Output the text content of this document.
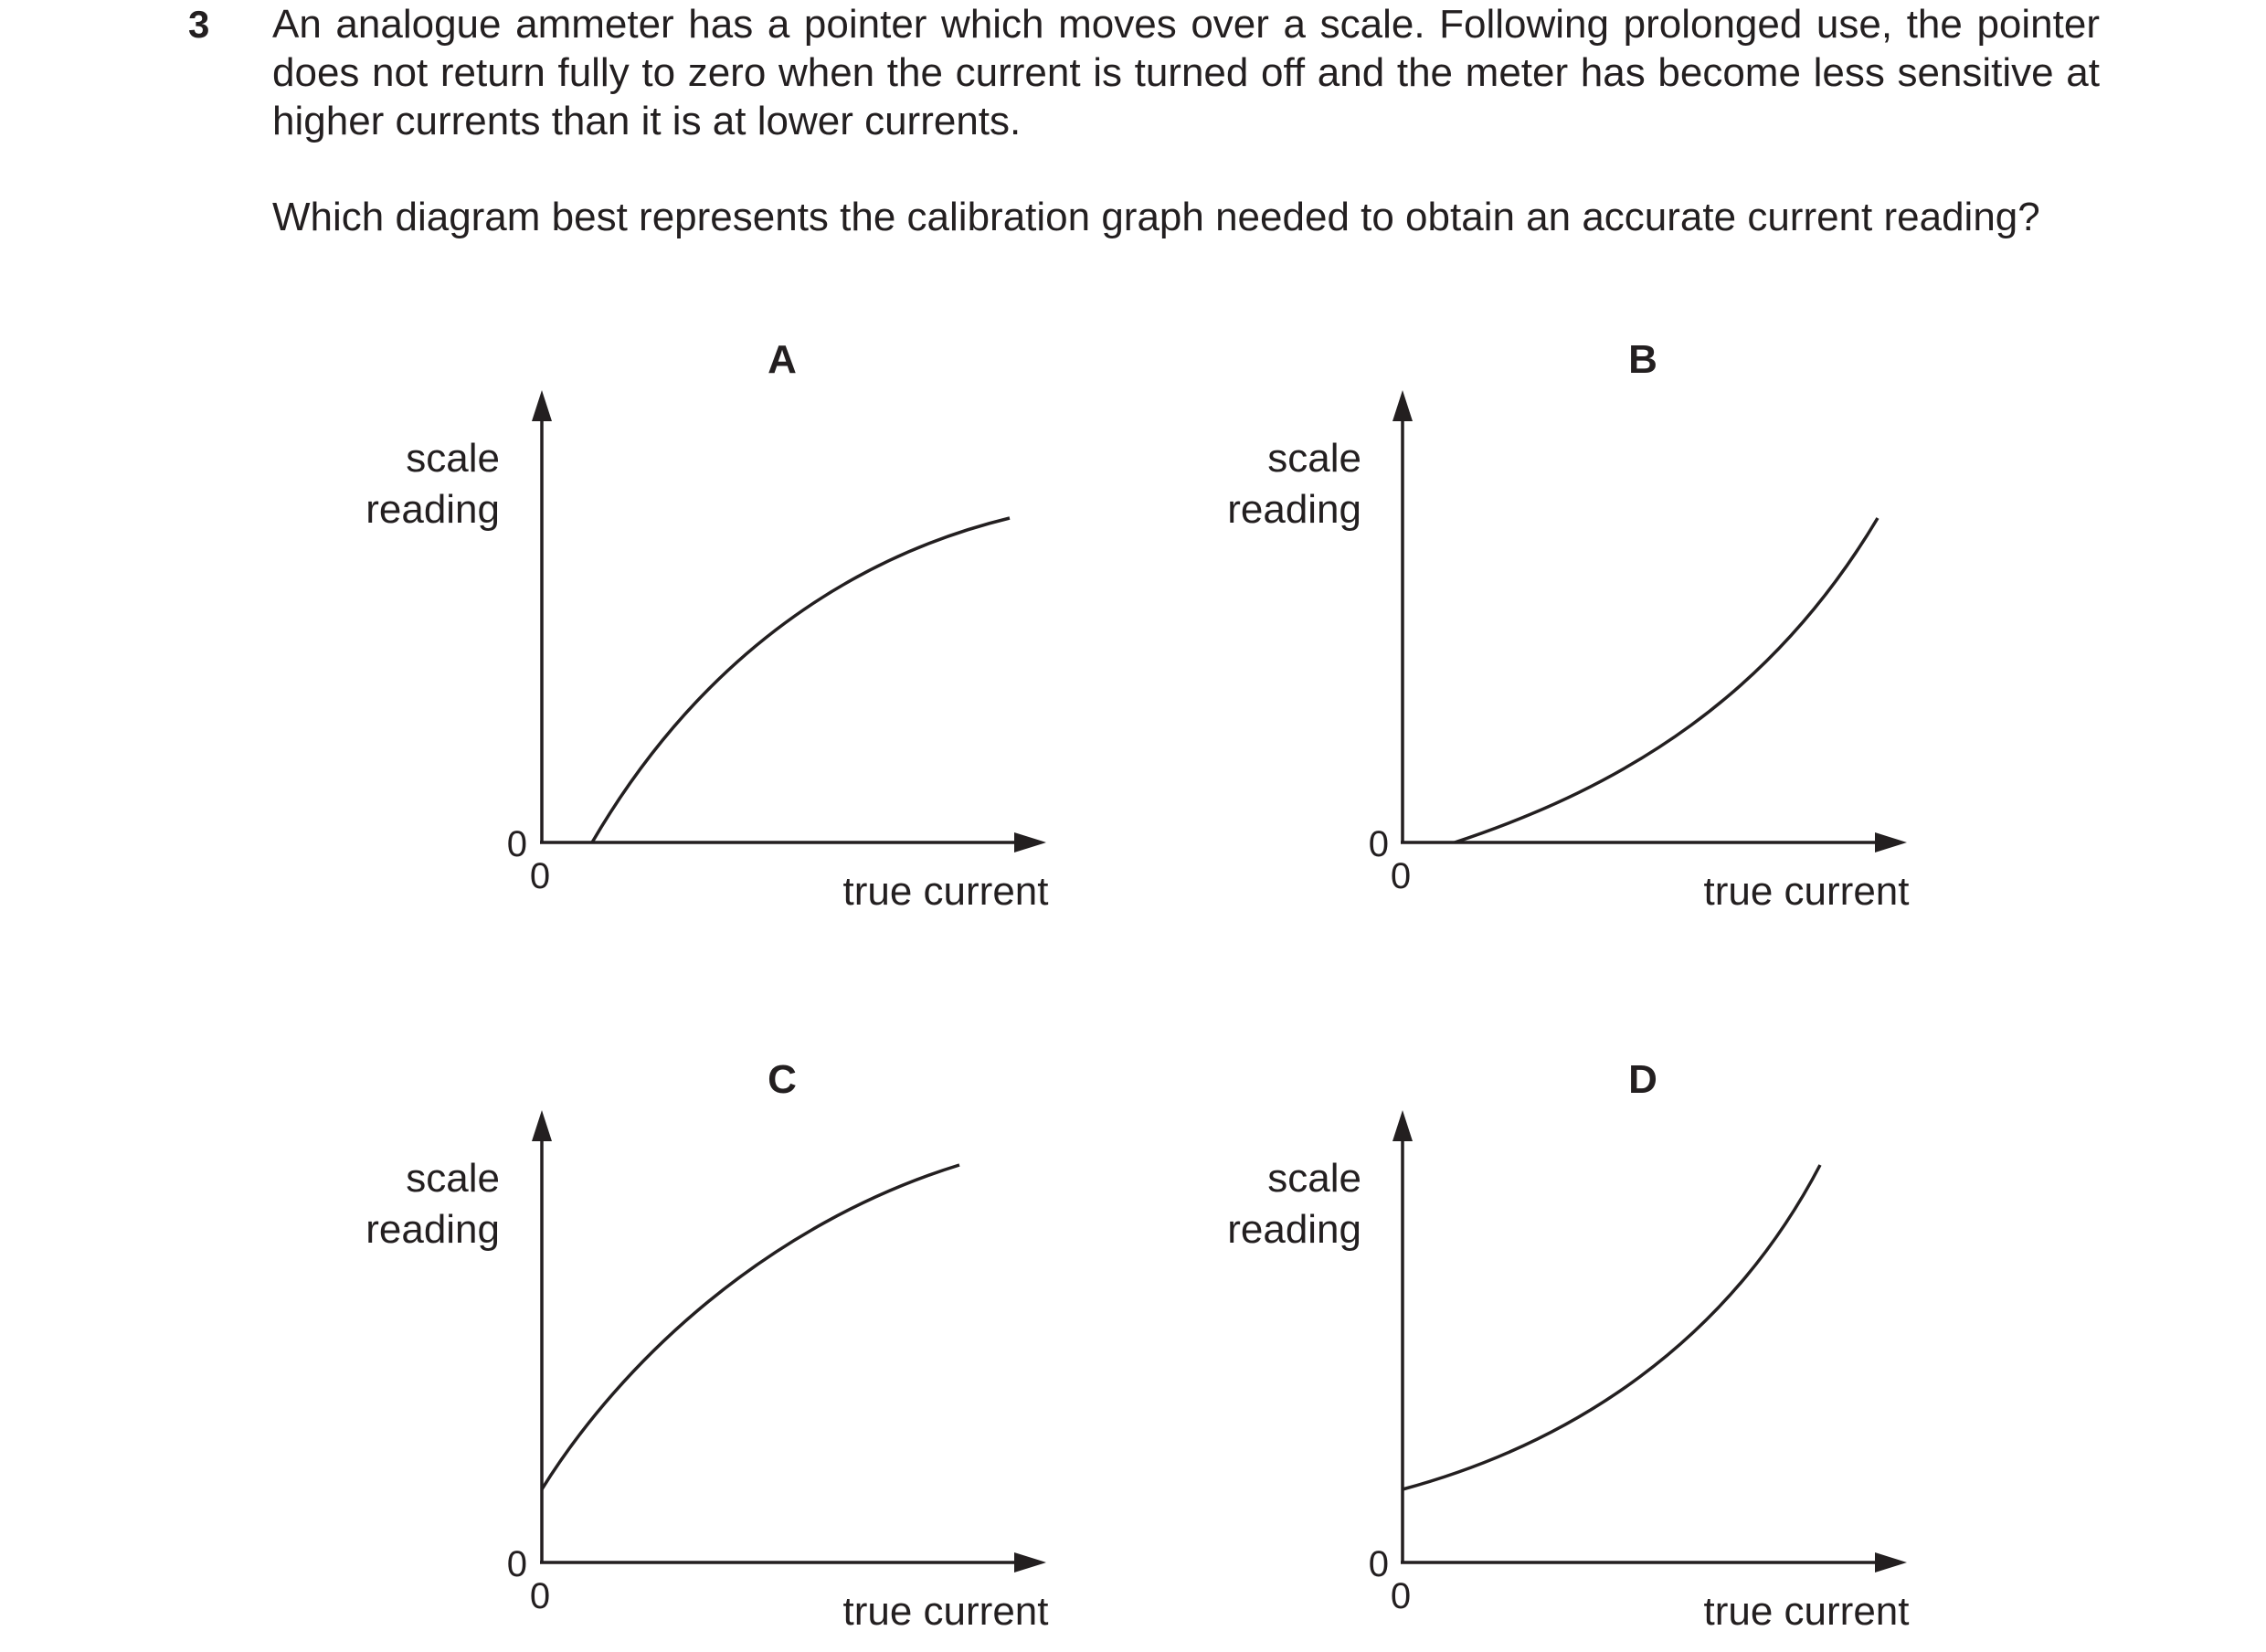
3 An analogue ammeter has a pointer which moves over a scale. Following prolonged use, the pointer does not return fully to zero when the current is turned off and the meter has become less sensitive at higher currents than it is at lower currents.
Which diagram best represents the calibration graph needed to obtain an accurate current reading?
A
scale
reading
0
0	true current
B
scale
reading
0
0	true current
C
scale
reading
0
0	true current
D
scale
reading
0
0	true current
